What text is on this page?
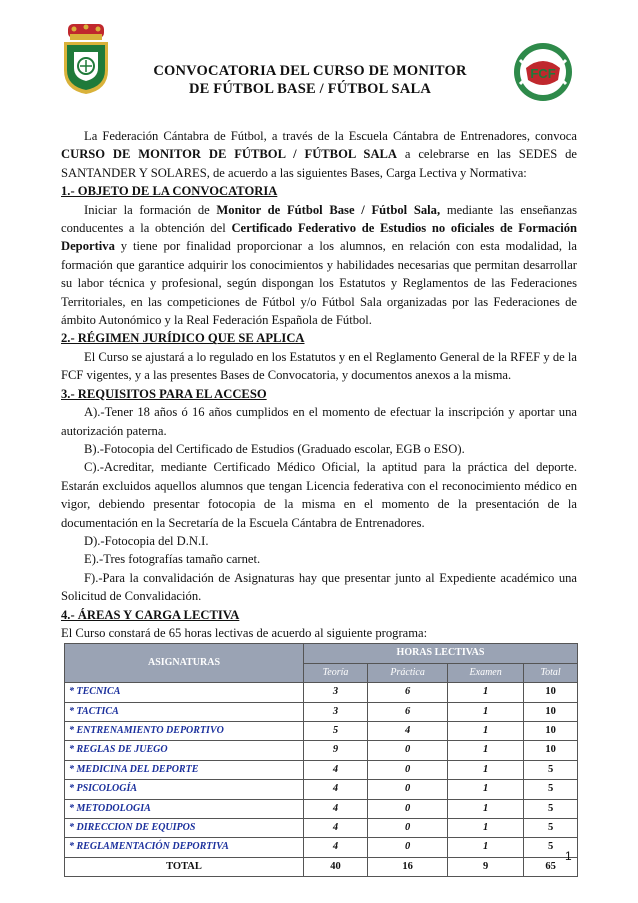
FCF
CONVOCATORIA DEL CURSO DE MONITOR
DE FÚTBOL BASE / FÚTBOL SALA

La Federación Cántabra de Fútbol, a través de la Escuela Cántabra de Entrenadores, convoca CURSO DE MONITOR DE FÚTBOL / FÚTBOL SALA a celebrarse en las SEDES de SANTANDER Y SOLARES, de acuerdo a las siguientes Bases, Carga Lectiva y Normativa:

1.- OBJETO DE LA CONVOCATORIA

Iniciar la formación de Monitor de Fútbol Base / Fútbol Sala, mediante las enseñanzas conducentes a la obtención del Certificado Federativo de Estudios no oficiales de Formación Deportiva y tiene por finalidad proporcionar a los alumnos, en relación con esta modalidad, la formación que garantice adquirir los conocimientos y habilidades necesarias que permitan desarrollar su labor técnica y profesional, según dispongan los Estatutos y Reglamentos de las Federaciones Territoriales, en las competiciones de Fútbol y/o Fútbol Sala organizadas por las Federaciones de ámbito Autonómico y la Real Federación Española de Fútbol.

2.- RÉGIMEN JURÍDICO QUE SE APLICA

El Curso se ajustará a lo regulado en los Estatutos y en el Reglamento General de la RFEF y de la FCF vigentes, y a las presentes Bases de Convocatoria, y documentos anexos a la misma.

3.- REQUISITOS PARA EL ACCESO

A).-Tener 18 años ó 16 años cumplidos en el momento de efectuar la inscripción y aportar una autorización paterna.

B).-Fotocopia del Certificado de Estudios (Graduado escolar, EGB o ESO).

C).-Acreditar, mediante Certificado Médico Oficial, la aptitud para la práctica del deporte. Estarán excluidos aquellos alumnos que tengan Licencia federativa con el reconocimiento médico en vigor, debiendo presentar fotocopia de la misma en el momento de la presentación de la documentación en la Secretaría de la Escuela Cántabra de Entrenadores.

D).-Fotocopia del D.N.I.

E).-Tres fotografías tamaño carnet.

F).-Para la convalidación de Asignaturas hay que presentar junto al Expediente académico una Solicitud de Convalidación.

4.- ÁREAS Y CARGA LECTIVA

El Curso constará de 65 horas lectivas de acuerdo al siguiente programa:

ASIGNATURAS	HORAS LECTIVAS			
	Teoría	Práctica	Examen	Total
* TECNICA	3	6	1	10
* TACTICA	3	6	1	10
* ENTRENAMIENTO DEPORTIVO	5	4	1	10
* REGLAS DE JUEGO	9	0	1	10
* MEDICINA DEL DEPORTE	4	0	1	5
* PSICOLOGÍA	4	0	1	5
* METODOLOGIA	4	0	1	5
* DIRECCION DE EQUIPOS	4	0	1	5
* REGLAMENTACIÓN DEPORTIVA	4	0	1	5
TOTAL	40	16	9	65
1
